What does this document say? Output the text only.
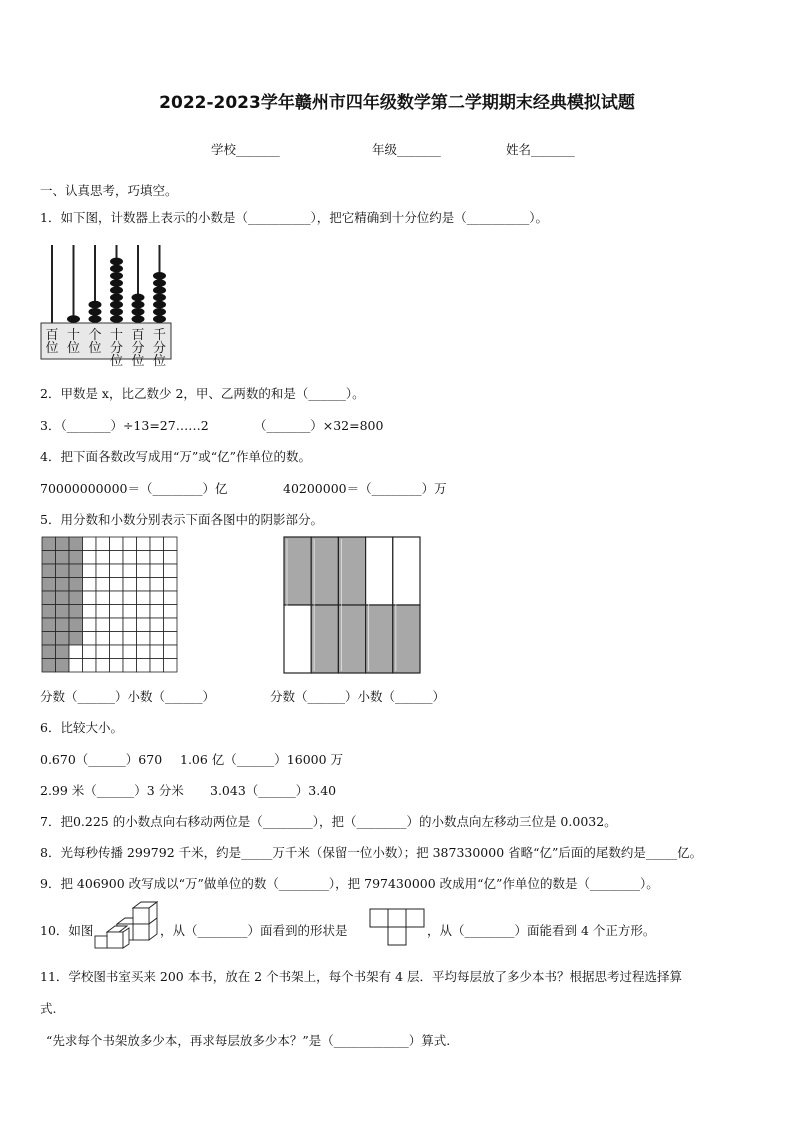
2022-2023学年赣州市四年级数学第二学期期末经典模拟试题
学校_______	年级_______	姓名_______
一、认真思考，巧填空。
1．如下图，计数器上表示的小数是（__________），把它精确到十分位约是（__________）。
百位
十位
个位
十分位
百分位
千分位
2．甲数是 x，比乙数少 2，甲、乙两数的和是（______）。
3．（_______）÷13=27……2	（_______）×32=800
4．把下面各数改写成用“万”或“亿”作单位的数。
70000000000＝（________）亿	40200000＝（________）万
5．用分数和小数分别表示下面各图中的阴影部分。
分数（______）小数（______）	分数（______）小数（______）
6．比较大小。
0.670（______）670 1.06 亿（______）16000 万
2.99 米（______）3 分米 3.043（______）3.40
7．把0.225 的小数点向右移动两位是（________），把（________）的小数点向左移动三位是 0.0032。
8．光每秒传播 299792 千米，约是_____万千米（保留一位小数）；把 387330000 省略“亿”后面的尾数约是_____亿。
9．把 406900 改写成以“万”做单位的数（________），把 797430000 改成用“亿”作单位的数是（________）。
10．如图	，从（________）面看到的形状是	，从（________）面能看到 4 个正方形。
11．学校图书室买来 200 本书，放在 2 个书架上，每个书架有 4 层．平均每层放了多少本书？根据思考过程选择算
式.
“先求每个书架放多少本，再求每层放多少本？”是（____________）算式.
